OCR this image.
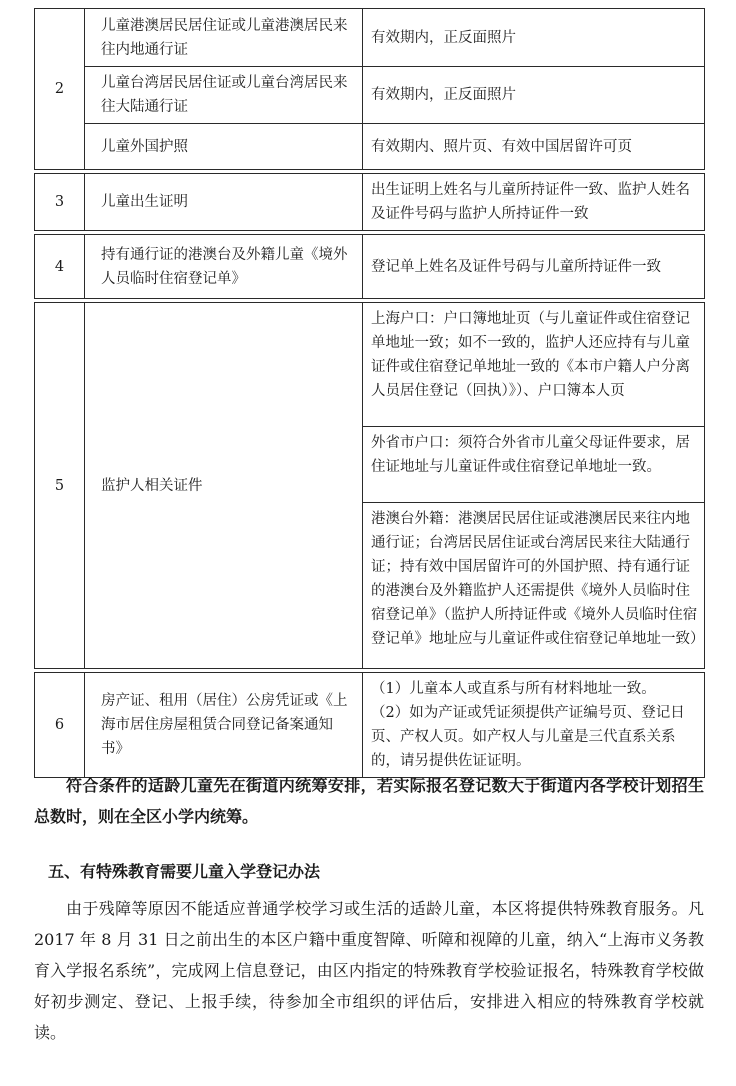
2	儿童港澳居民居住证或儿童港澳居民来往内地通行证	有效期内，正反面照片
	儿童台湾居民居住证或儿童台湾居民来往大陆通行证	有效期内，正反面照片
	儿童外国护照	有效期内、照片页、有效中国居留许可页

3	儿童出生证明	出生证明上姓名与儿童所持证件一致、监护人姓名及证件号码与监护人所持证件一致

4	持有通行证的港澳台及外籍儿童《境外人员临时住宿登记单》	登记单上姓名及证件号码与儿童所持证件一致

5	监护人相关证件	上海户口：户口簿地址页（与儿童证件或住宿登记单地址一致；如不一致的，监护人还应持有与儿童证件或住宿登记单地址一致的《本市户籍人户分离人员居住登记（回执）》）、户口簿本人页
		外省市户口：须符合外省市儿童父母证件要求，居住证地址与儿童证件或住宿登记单地址一致。
		港澳台外籍：港澳居民居住证或港澳居民来往内地通行证；台湾居民居住证或台湾居民来往大陆通行证；持有效中国居留许可的外国护照、持有通行证的港澳台及外籍监护人还需提供《境外人员临时住宿登记单》（监护人所持证件或《境外人员临时住宿登记单》地址应与儿童证件或住宿登记单地址一致）

6	房产证、租用（居住）公房凭证或《上海市居住房屋租赁合同登记备案通知书》	（1）儿童本人或直系与所有材料地址一致。
（2）如为产证或凭证须提供产证编号页、登记日页、产权人页。如产权人与儿童是三代直系关系的，请另提供佐证证明。

符合条件的适龄儿童先在街道内统筹安排，若实际报名登记数大于街道内各学校计划招生总数时，则在全区小学内统筹。

五、有特殊教育需要儿童入学登记办法

由于残障等原因不能适应普通学校学习或生活的适龄儿童，本区将提供特殊教育服务。凡 2017 年 8 月 31 日之前出生的本区户籍中重度智障、听障和视障的儿童，纳入“上海市义务教育入学报名系统”，完成网上信息登记，由区内指定的特殊教育学校验证报名，特殊教育学校做好初步测定、登记、上报手续，待参加全市组织的评估后，安排进入相应的特殊教育学校就读。
